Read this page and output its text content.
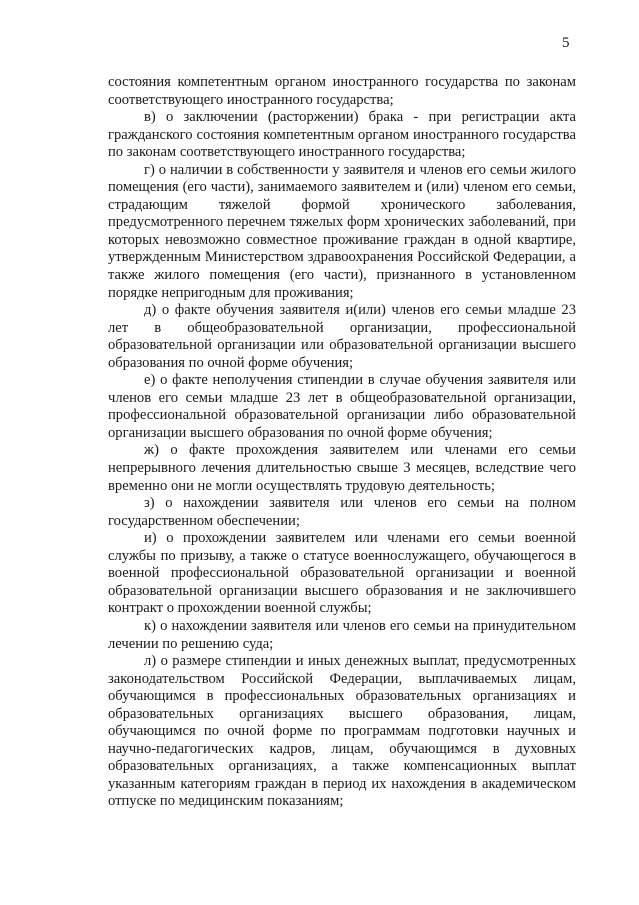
5

состояния компетентным органом иностранного государства по законам соответствующего иностранного государства;

в) о заключении (расторжении) брака - при регистрации акта гражданского состояния компетентным органом иностранного государства по законам соответствующего иностранного государства;

г) о наличии в собственности у заявителя и членов его семьи жилого помещения (его части), занимаемого заявителем и (или) членом его семьи, страдающим тяжелой формой хронического заболевания, предусмотренного перечнем тяжелых форм хронических заболеваний, при которых невозможно совместное проживание граждан в одной квартире, утвержденным Министерством здравоохранения Российской Федерации, а также жилого помещения (его части), признанного в установленном порядке непригодным для проживания;

д) о факте обучения заявителя и(или) членов его семьи младше 23 лет в общеобразовательной организации, профессиональной образовательной организации или образовательной организации высшего образования по очной форме обучения;

е) о факте неполучения стипендии в случае обучения заявителя или членов его семьи младше 23 лет в общеобразовательной организации, профессиональной образовательной организации либо образовательной организации высшего образования по очной форме обучения;

ж) о факте прохождения заявителем или членами его семьи непрерывного лечения длительностью свыше 3 месяцев, вследствие чего временно они не могли осуществлять трудовую деятельность;

з) о нахождении заявителя или членов его семьи на полном государственном обеспечении;

и) о прохождении заявителем или членами его семьи военной службы по призыву, а также о статусе военнослужащего, обучающегося в военной профессиональной образовательной организации и военной образовательной организации высшего образования и не заключившего контракт о прохождении военной службы;

к) о нахождении заявителя или членов его семьи на принудительном лечении по решению суда;

л) о размере стипендии и иных денежных выплат, предусмотренных законодательством Российской Федерации, выплачиваемых лицам, обучающимся в профессиональных образовательных организациях и образовательных организациях высшего образования, лицам, обучающимся по очной форме по программам подготовки научных и научно-педагогических кадров, лицам, обучающимся в духовных образовательных организациях, а также компенсационных выплат указанным категориям граждан в период их нахождения в академическом отпуске по медицинским показаниям;
